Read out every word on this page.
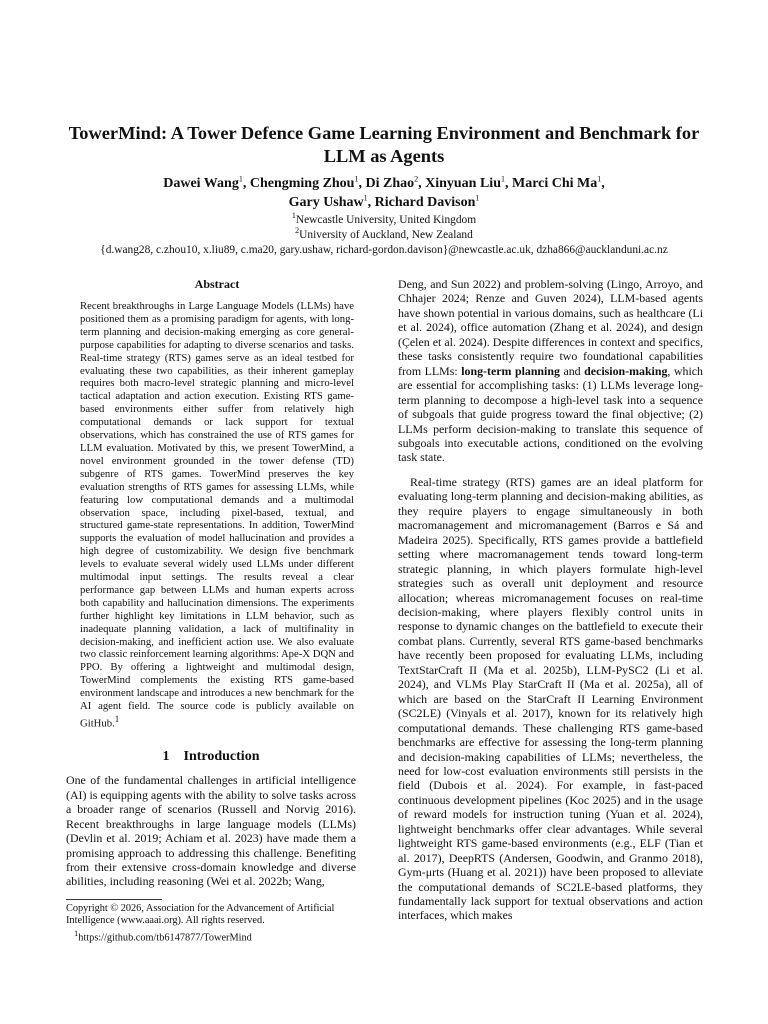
TowerMind: A Tower Defence Game Learning Environment and Benchmark for LLM as Agents
Dawei Wang$^1$, Chengming Zhou$^1$, Di Zhao$^2$, Xinyuan Liu$^1$, Marci Chi Ma$^1$,
Gary Ushaw$^1$, Richard Davison$^1$
$^1$Newcastle University, United Kingdom
$^2$University of Auckland, New Zealand
{d.wang28, c.zhou10, x.liu89, c.ma20, gary.ushaw, richard-gordon.davison}@newcastle.ac.uk, dzha866@aucklanduni.ac.nz
Abstract
Recent breakthroughs in Large Language Models (LLMs) have positioned them as a promising paradigm for agents, with long-term planning and decision-making emerging as core general-purpose capabilities for adapting to diverse scenarios and tasks. Real-time strategy (RTS) games serve as an ideal testbed for evaluating these two capabilities, as their inherent gameplay requires both macro-level strategic planning and micro-level tactical adaptation and action execution. Existing RTS game-based environments either suffer from relatively high computational demands or lack support for textual observations, which has constrained the use of RTS games for LLM evaluation. Motivated by this, we present TowerMind, a novel environment grounded in the tower defense (TD) subgenre of RTS games. TowerMind preserves the key evaluation strengths of RTS games for assessing LLMs, while featuring low computational demands and a multimodal observation space, including pixel-based, textual, and structured game-state representations. In addition, TowerMind supports the evaluation of model hallucination and provides a high degree of customizability. We design five benchmark levels to evaluate several widely used LLMs under different multimodal input settings. The results reveal a clear performance gap between LLMs and human experts across both capability and hallucination dimensions. The experiments further highlight key limitations in LLM behavior, such as inadequate planning validation, a lack of multifinality in decision-making, and inefficient action use. We also evaluate two classic reinforcement learning algorithms: Ape-X DQN and PPO. By offering a lightweight and multimodal design, TowerMind complements the existing RTS game-based environment landscape and introduces a new benchmark for the AI agent field. The source code is publicly available on GitHub.$^1$
1 Introduction

One of the fundamental challenges in artificial intelligence (AI) is equipping agents with the ability to solve tasks across a broader range of scenarios (Russell and Norvig 2016). Recent breakthroughs in large language models (LLMs) (Devlin et al. 2019; Achiam et al. 2023) have made them a promising approach to addressing this challenge. Benefiting from their extensive cross-domain knowledge and diverse abilities, including reasoning (Wei et al. 2022b; Wang,

Copyright © 2026, Association for the Advancement of Artificial Intelligence (www.aaai.org). All rights reserved.
$^1$https://github.com/tb6147877/TowerMind

Deng, and Sun 2022) and problem-solving (Lingo, Arroyo, and Chhajer 2024; Renze and Guven 2024), LLM-based agents have shown potential in various domains, such as healthcare (Li et al. 2024), office automation (Zhang et al. 2024), and design (Çelen et al. 2024). Despite differences in context and specifics, these tasks consistently require two foundational capabilities from LLMs: long-term planning and decision-making, which are essential for accomplishing tasks: (1) LLMs leverage long-term planning to decompose a high-level task into a sequence of subgoals that guide progress toward the final objective; (2) LLMs perform decision-making to translate this sequence of subgoals into executable actions, conditioned on the evolving task state.

Real-time strategy (RTS) games are an ideal platform for evaluating long-term planning and decision-making abilities, as they require players to engage simultaneously in both macromanagement and micromanagement (Barros e Sá and Madeira 2025). Specifically, RTS games provide a battlefield setting where macromanagement tends toward long-term strategic planning, in which players formulate high-level strategies such as overall unit deployment and resource allocation; whereas micromanagement focuses on real-time decision-making, where players flexibly control units in response to dynamic changes on the battlefield to execute their combat plans. Currently, several RTS game-based benchmarks have recently been proposed for evaluating LLMs, including TextStarCraft II (Ma et al. 2025b), LLM-PySC2 (Li et al. 2024), and VLMs Play StarCraft II (Ma et al. 2025a), all of which are based on the StarCraft II Learning Environment (SC2LE) (Vinyals et al. 2017), known for its relatively high computational demands. These challenging RTS game-based benchmarks are effective for assessing the long-term planning and decision-making capabilities of LLMs; nevertheless, the need for low-cost evaluation environments still persists in the field (Dubois et al. 2024). For example, in fast-paced continuous development pipelines (Koc 2025) and in the usage of reward models for instruction tuning (Yuan et al. 2024), lightweight benchmarks offer clear advantages. While several lightweight RTS game-based environments (e.g., ELF (Tian et al. 2017), DeepRTS (Andersen, Goodwin, and Granmo 2018), Gym-μrts (Huang et al. 2021)) have been proposed to alleviate the computational demands of SC2LE-based platforms, they fundamentally lack support for textual observations and action interfaces, which makes
